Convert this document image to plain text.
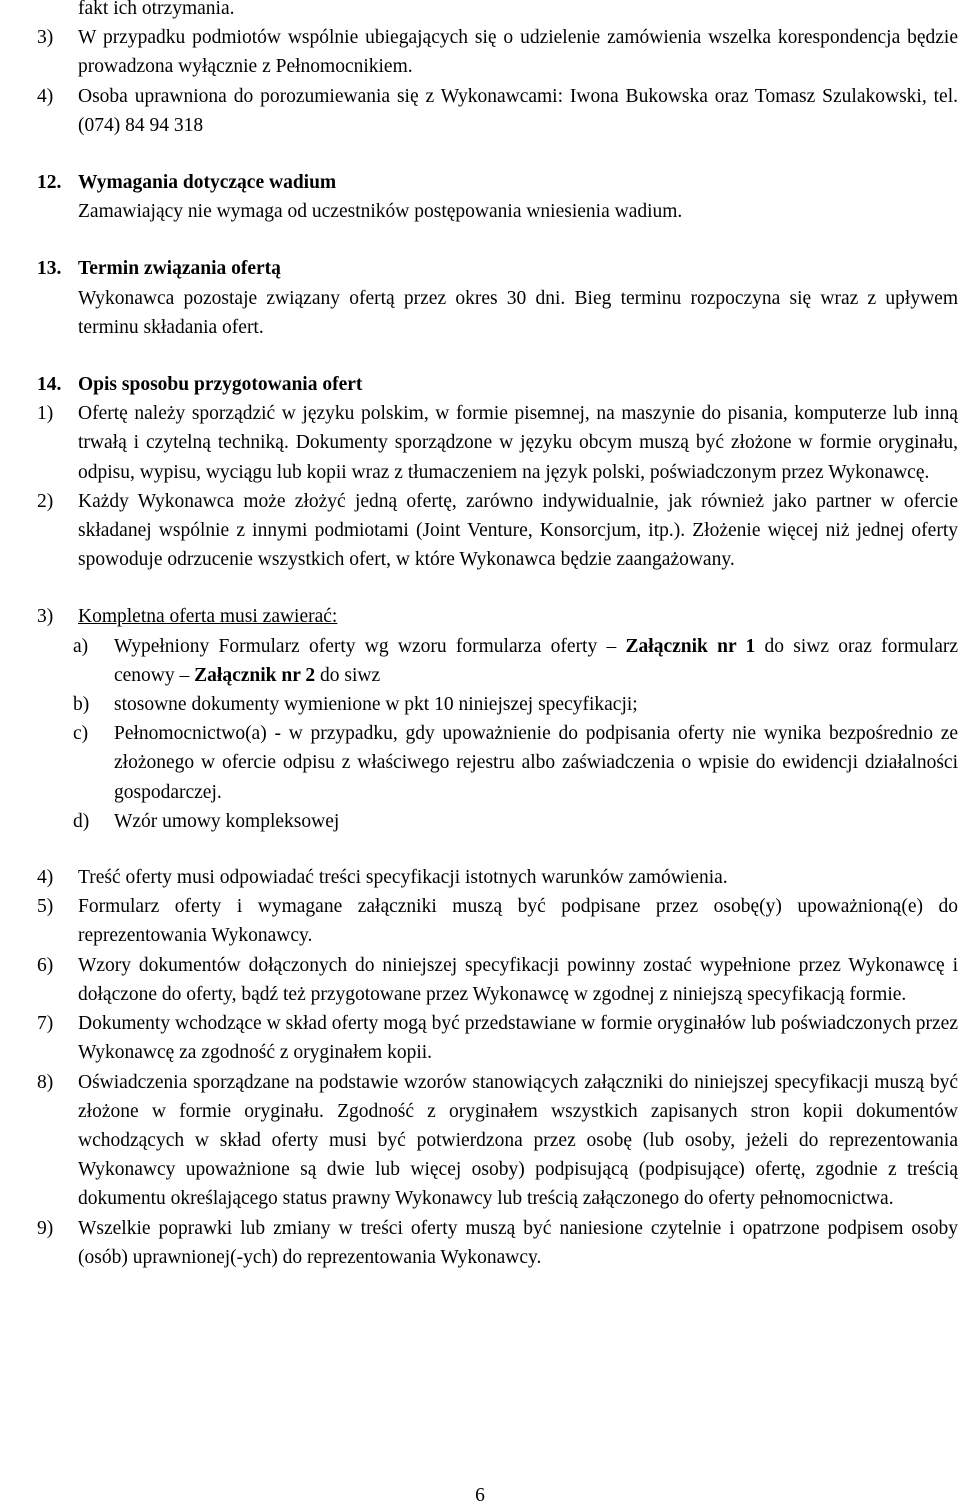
fakt ich otrzymania.

3) W przypadku podmiotów wspólnie ubiegających się o udzielenie zamówienia wszelka korespondencja będzie prowadzona wyłącznie z Pełnomocnikiem.
4) Osoba uprawniona do porozumiewania się z Wykonawcami: Iwona Bukowska oraz Tomasz Szulakowski, tel. (074) 84 94 318
12. Wymagania dotyczące wadium
Zamawiający nie wymaga od uczestników postępowania wniesienia wadium.
13. Termin związania ofertą
Wykonawca pozostaje związany ofertą przez okres 30 dni. Bieg terminu rozpoczyna się wraz z upływem terminu składania ofert.
14. Opis sposobu przygotowania ofert
1) Ofertę należy sporządzić w języku polskim, w formie pisemnej, na maszynie do pisania, komputerze lub inną trwałą i czytelną techniką. Dokumenty sporządzone w języku obcym muszą być złożone w formie oryginału, odpisu, wypisu, wyciągu lub kopii wraz z tłumaczeniem na język polski, poświadczonym przez Wykonawcę.
2) Każdy Wykonawca może złożyć jedną ofertę, zarówno indywidualnie, jak również jako partner w ofercie składanej wspólnie z innymi podmiotami (Joint Venture, Konsorcjum, itp.). Złożenie więcej niż jednej oferty spowoduje odrzucenie wszystkich ofert, w które Wykonawca będzie zaangażowany.
3) Kompletna oferta musi zawierać:
a) Wypełniony Formularz oferty wg wzoru formularza oferty – Załącznik nr 1 do siwz oraz formularz cenowy – Załącznik nr 2 do siwz
b) stosowne dokumenty wymienione w pkt 10 niniejszej specyfikacji;
c) Pełnomocnictwo(a) - w przypadku, gdy upoważnienie do podpisania oferty nie wynika bezpośrednio ze złożonego w ofercie odpisu z właściwego rejestru albo zaświadczenia o wpisie do ewidencji działalności gospodarczej.
d) Wzór umowy kompleksowej
4) Treść oferty musi odpowiadać treści specyfikacji istotnych warunków zamówienia.
5) Formularz oferty i wymagane załączniki muszą być podpisane przez osobę(y) upoważnioną(e) do reprezentowania Wykonawcy.
6) Wzory dokumentów dołączonych do niniejszej specyfikacji powinny zostać wypełnione przez Wykonawcę i dołączone do oferty, bądź też przygotowane przez Wykonawcę w zgodnej z niniejszą specyfikacją formie.
7) Dokumenty wchodzące w skład oferty mogą być przedstawiane w formie oryginałów lub poświadczonych przez Wykonawcę za zgodność z oryginałem kopii.
8) Oświadczenia sporządzane na podstawie wzorów stanowiących załączniki do niniejszej specyfikacji muszą być złożone w formie oryginału. Zgodność z oryginałem wszystkich zapisanych stron kopii dokumentów wchodzących w skład oferty musi być potwierdzona przez osobę (lub osoby, jeżeli do reprezentowania Wykonawcy upoważnione są dwie lub więcej osoby) podpisującą (podpisujące) ofertę, zgodnie z treścią dokumentu określającego status prawny Wykonawcy lub treścią załączonego do oferty pełnomocnictwa.
9) Wszelkie poprawki lub zmiany w treści oferty muszą być naniesione czytelnie i opatrzone podpisem osoby (osób) uprawnionej(-ych) do reprezentowania Wykonawcy.
6
